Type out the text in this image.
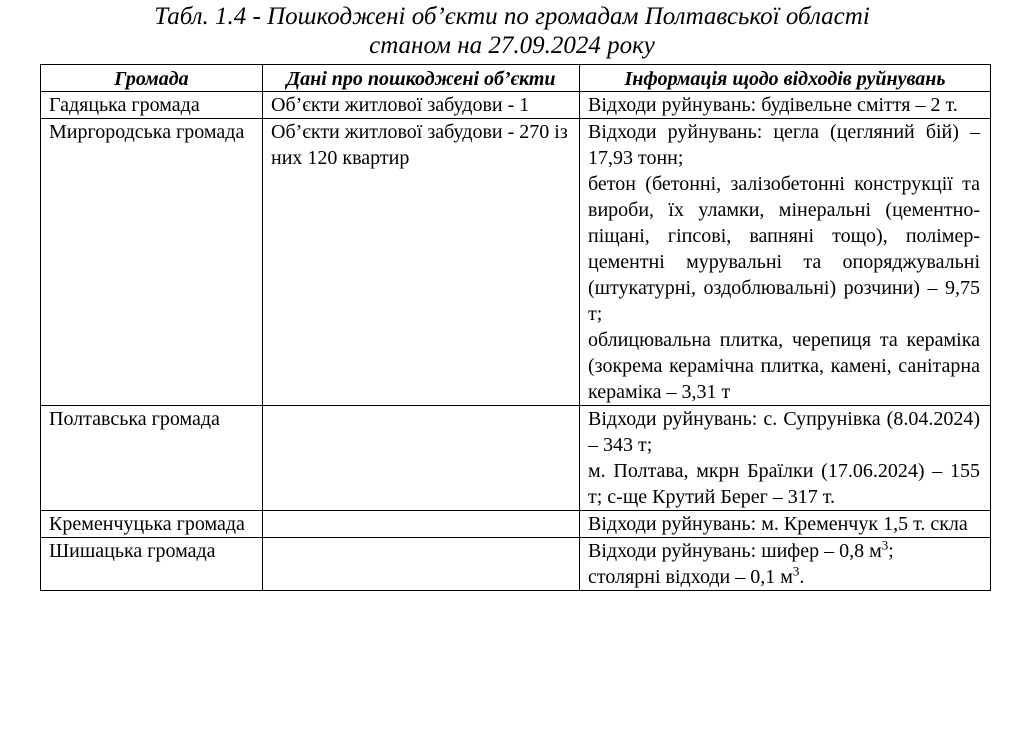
Табл. 1.4 - Пошкоджені об’єкти по громадам Полтавської області
станом на 27.09.2024 року
Громада	Дані про пошкоджені об’єкти	Інформація щодо відходів руйнувань
Гадяцька громада	Об’єкти житлової забудови - 1	Відходи руйнувань: будівельне сміття – 2 т.

Миргородська громада	Об’єкти житлової забудови - 270 із них 120 квартир	Відходи руйнувань: цегла (цегляний бій) – 17,93 тонн;
бетон (бетонні, залізобетонні конструкції та вироби, їх уламки, мінеральні (цементно-піщані, гіпсові, вапняні тощо), полімер-цементні мурувальні та опоряджувальні (штукатурні, оздоблювальні) розчини) – 9,75 т;
облицювальна плитка, черепиця та кераміка (зокрема керамічна плитка, камені, санітарна кераміка – 3,31 т

Полтавська громада		Відходи руйнувань: с. Супрунівка (8.04.2024) – 343 т;
м. Полтава, мкрн Браїлки (17.06.2024) – 155 т; с-ще Крутий Берег – 317 т.

Кременчуцька громада		Відходи руйнувань: м. Кременчук 1,5 т. скла

Шишацька громада		Відходи руйнувань: шифер – 0,8 $м^3$;
столярні відходи – 0,1 $м^3$.
